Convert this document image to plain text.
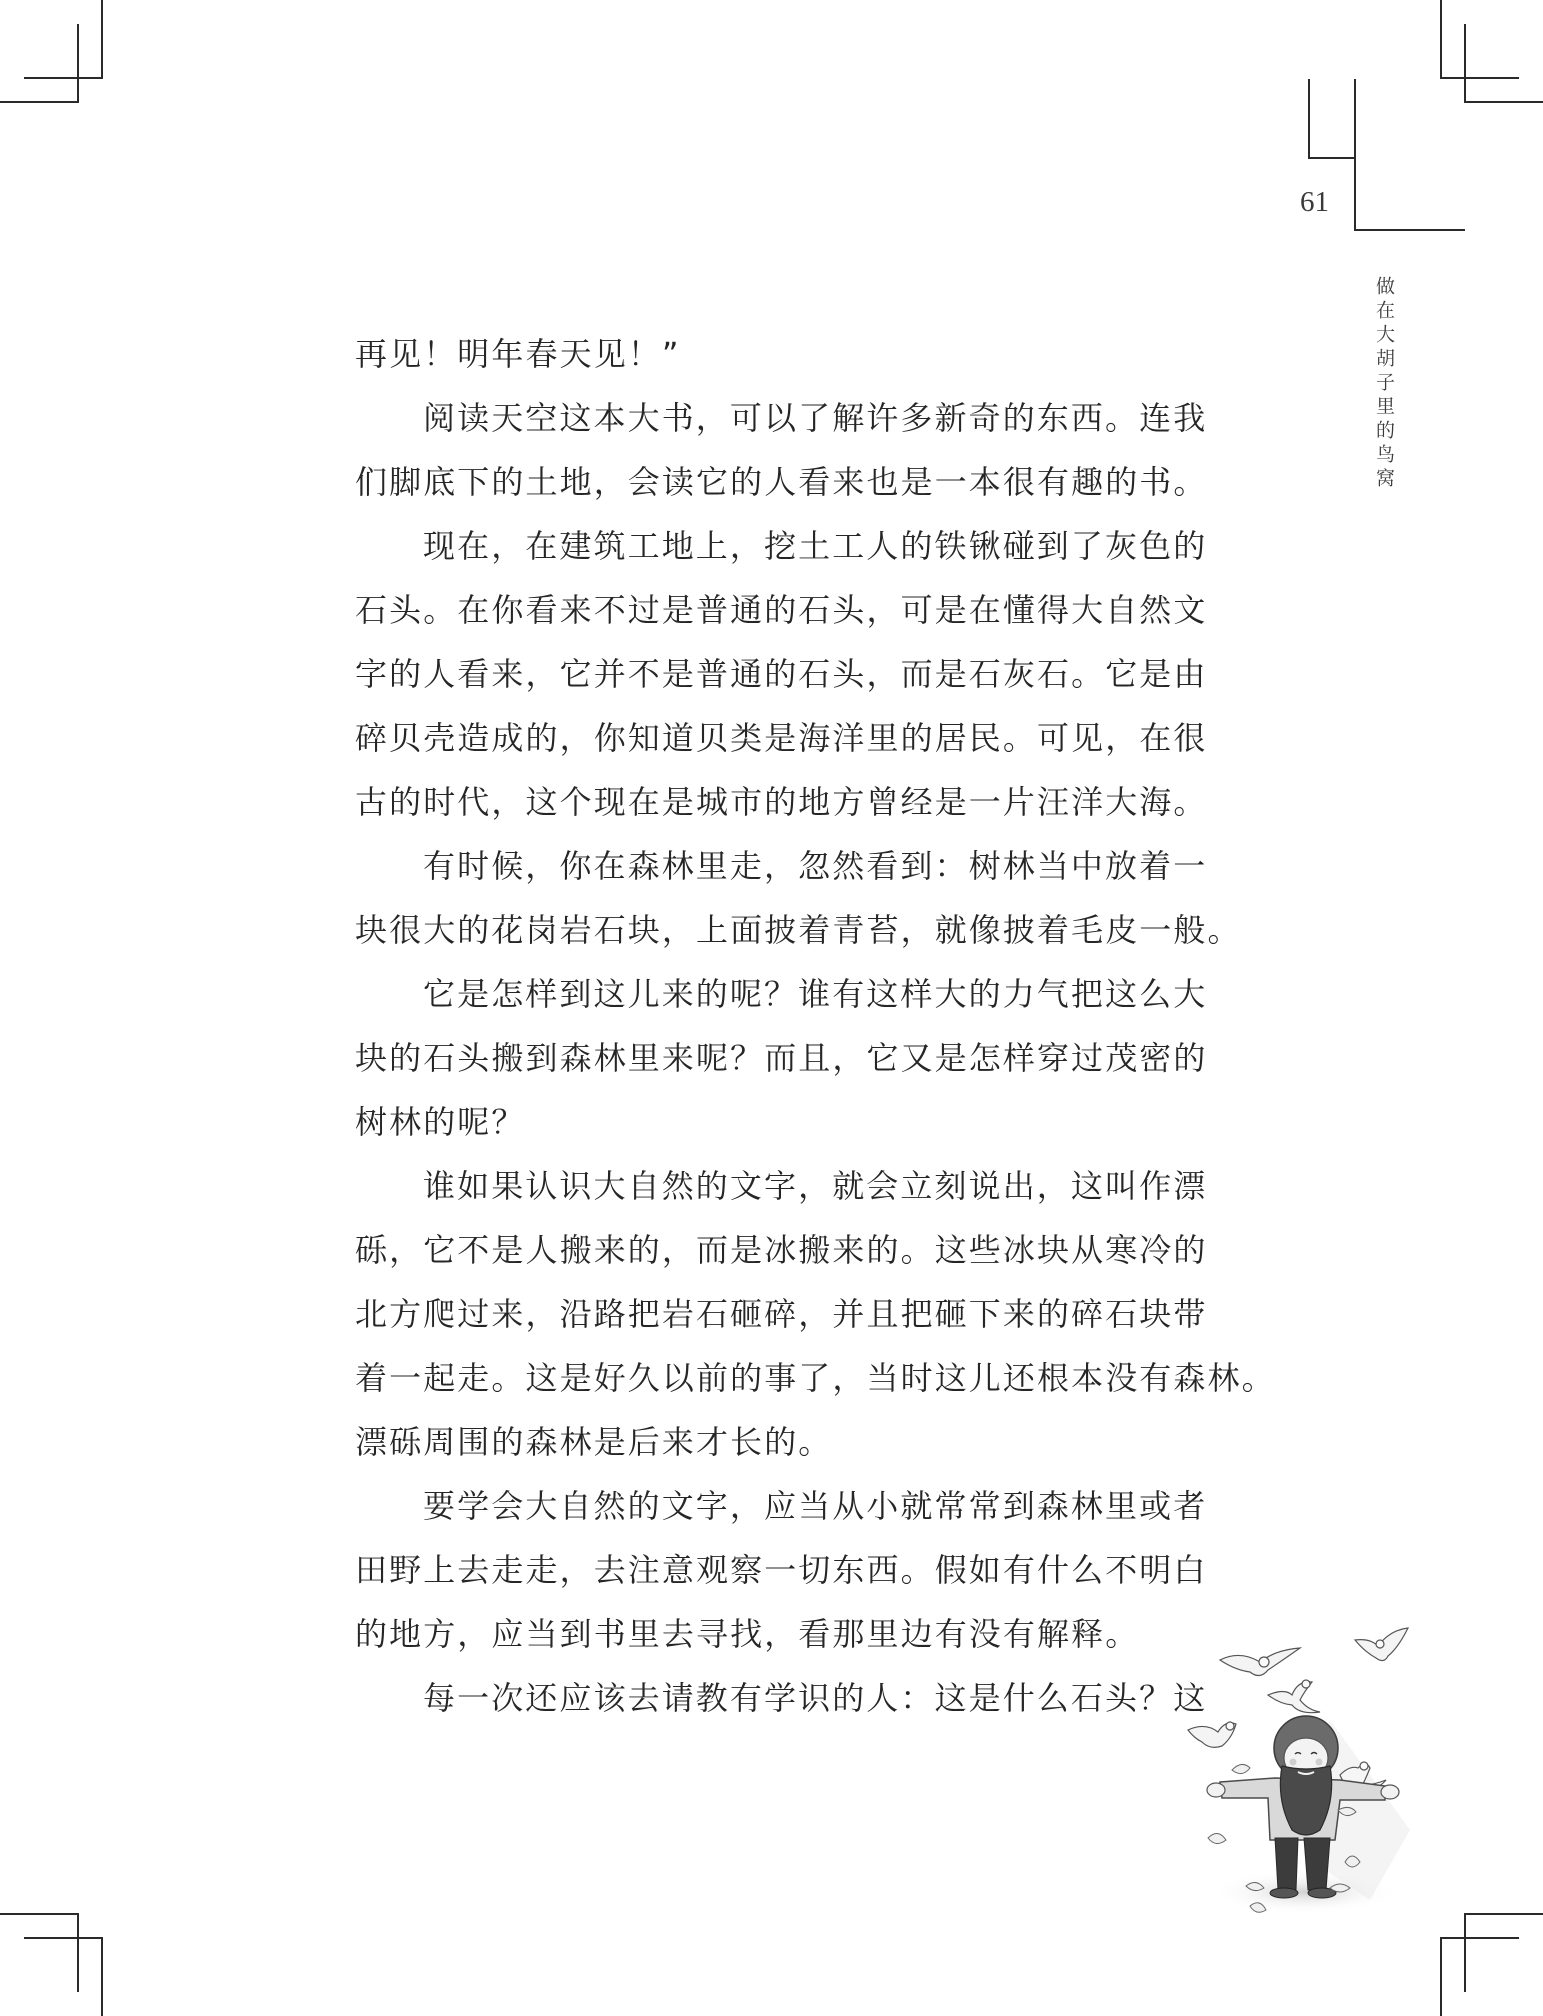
61
做在大胡子里的鸟窝
再见！明年春天见！”
阅读天空这本大书，可以了解许多新奇的东西。连我
们脚底下的土地，会读它的人看来也是一本很有趣的书。
现在，在建筑工地上，挖土工人的铁锹碰到了灰色的
石头。在你看来不过是普通的石头，可是在懂得大自然文
字的人看来，它并不是普通的石头，而是石灰石。它是由
碎贝壳造成的，你知道贝类是海洋里的居民。可见，在很
古的时代，这个现在是城市的地方曾经是一片汪洋大海。
有时候，你在森林里走，忽然看到：树林当中放着一
块很大的花岗岩石块，上面披着青苔，就像披着毛皮一般。
它是怎样到这儿来的呢？谁有这样大的力气把这么大
块的石头搬到森林里来呢？而且，它又是怎样穿过茂密的
树林的呢？
谁如果认识大自然的文字，就会立刻说出，这叫作漂
砾，它不是人搬来的，而是冰搬来的。这些冰块从寒冷的
北方爬过来，沿路把岩石砸碎，并且把砸下来的碎石块带
着一起走。这是好久以前的事了，当时这儿还根本没有森林。
漂砾周围的森林是后来才长的。
要学会大自然的文字，应当从小就常常到森林里或者
田野上去走走，去注意观察一切东西。假如有什么不明白
的地方，应当到书里去寻找，看那里边有没有解释。
每一次还应该去请教有学识的人：这是什么石头？这
